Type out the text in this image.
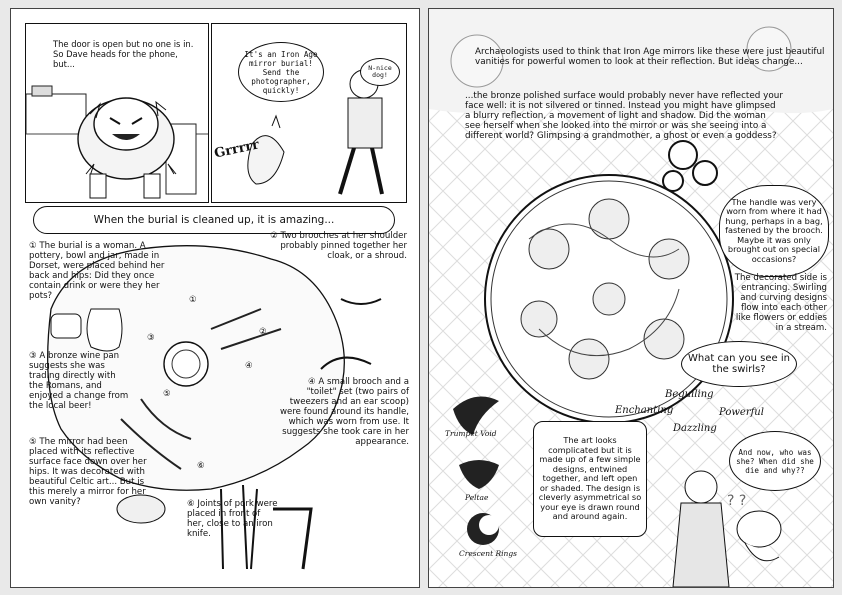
The door is open but no one is in. So Dave heads for the phone, but...
It's an Iron Age mirror burial! Send the photographer, quickly!
N-nice dog!
Grrrrr
When the burial is cleaned up, it is amazing...
①
②
③
④
⑤
⑥
① The burial is a woman. A pottery, bowl and jar, made in Dorset, were placed behind her back and hips: Did they once contain drink or were they her pots?
② Two brooches at her shoulder probably pinned together her cloak, or a shroud.
③ A bronze wine pan suggests she was trading directly with the Romans, and enjoyed a change from the local beer!
④ A small brooch and a "toilet" set (two pairs of tweezers and an ear scoop) were found around its handle, which was worn from use. It suggests she took care in her appearance.
⑤ The mirror had been placed with its reflective surface face down over her hips. It was decorated with beautiful Celtic art... But is this merely a mirror for her own vanity?	⑥ Joints of pork were placed in front of her, close to an iron knife.
Archaeologists used to think that Iron Age mirrors like these were just beautiful vanities for powerful women to look at their reflection. But ideas change...
...the bronze polished surface would probably never have reflected your face well: it is not silvered or tinned. Instead you might have glimpsed a blurry reflection, a movement of light and shadow. Did the woman see herself when she looked into the mirror or was she seeing into a different world? Glimpsing a grandmother, a ghost or even a goddess?
The handle was very worn from where it had hung, perhaps in a bag, fastened by the brooch. Maybe it was only brought out on special occasions?
The decorated side is entrancing. Swirling and curving designs flow into each other like flowers or eddies in a stream.
What can you see in the swirls?
Beguiling
Enchanting	Powerful
Dazzling
The art looks complicated but it is made up of a few simple designs, entwined together, and left open or shaded. The design is cleverly asymmetrical so your eye is drawn round and around again.
Trumpet Void
Peltae
Crescent Rings
And now, who was she? When did she die and why??
? ?
